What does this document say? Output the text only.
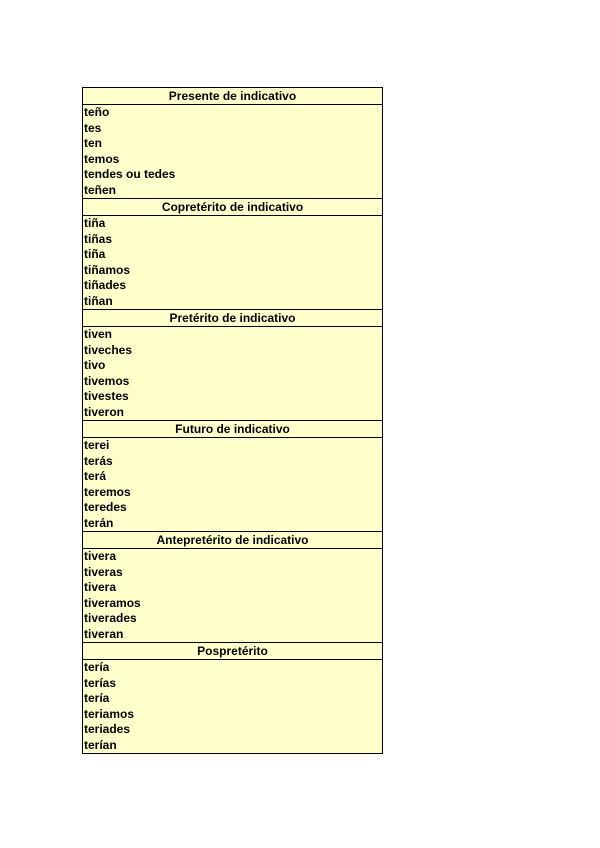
Presente de indicativo
teño
tes
ten
temos
tendes ou tedes
teñen
Copretérito de indicativo
tiña
tiñas
tiña
tiñamos
tiñades
tiñan
Pretérito de indicativo
tiven
tiveches
tivo
tivemos
tivestes
tiveron
Futuro de indicativo
terei
terás
terá
teremos
teredes
terán
Antepretérito de indicativo
tivera
tiveras
tivera
tiveramos
tiverades
tiveran
Pospretérito
tería
terías
tería
teriamos
teriades
terían
